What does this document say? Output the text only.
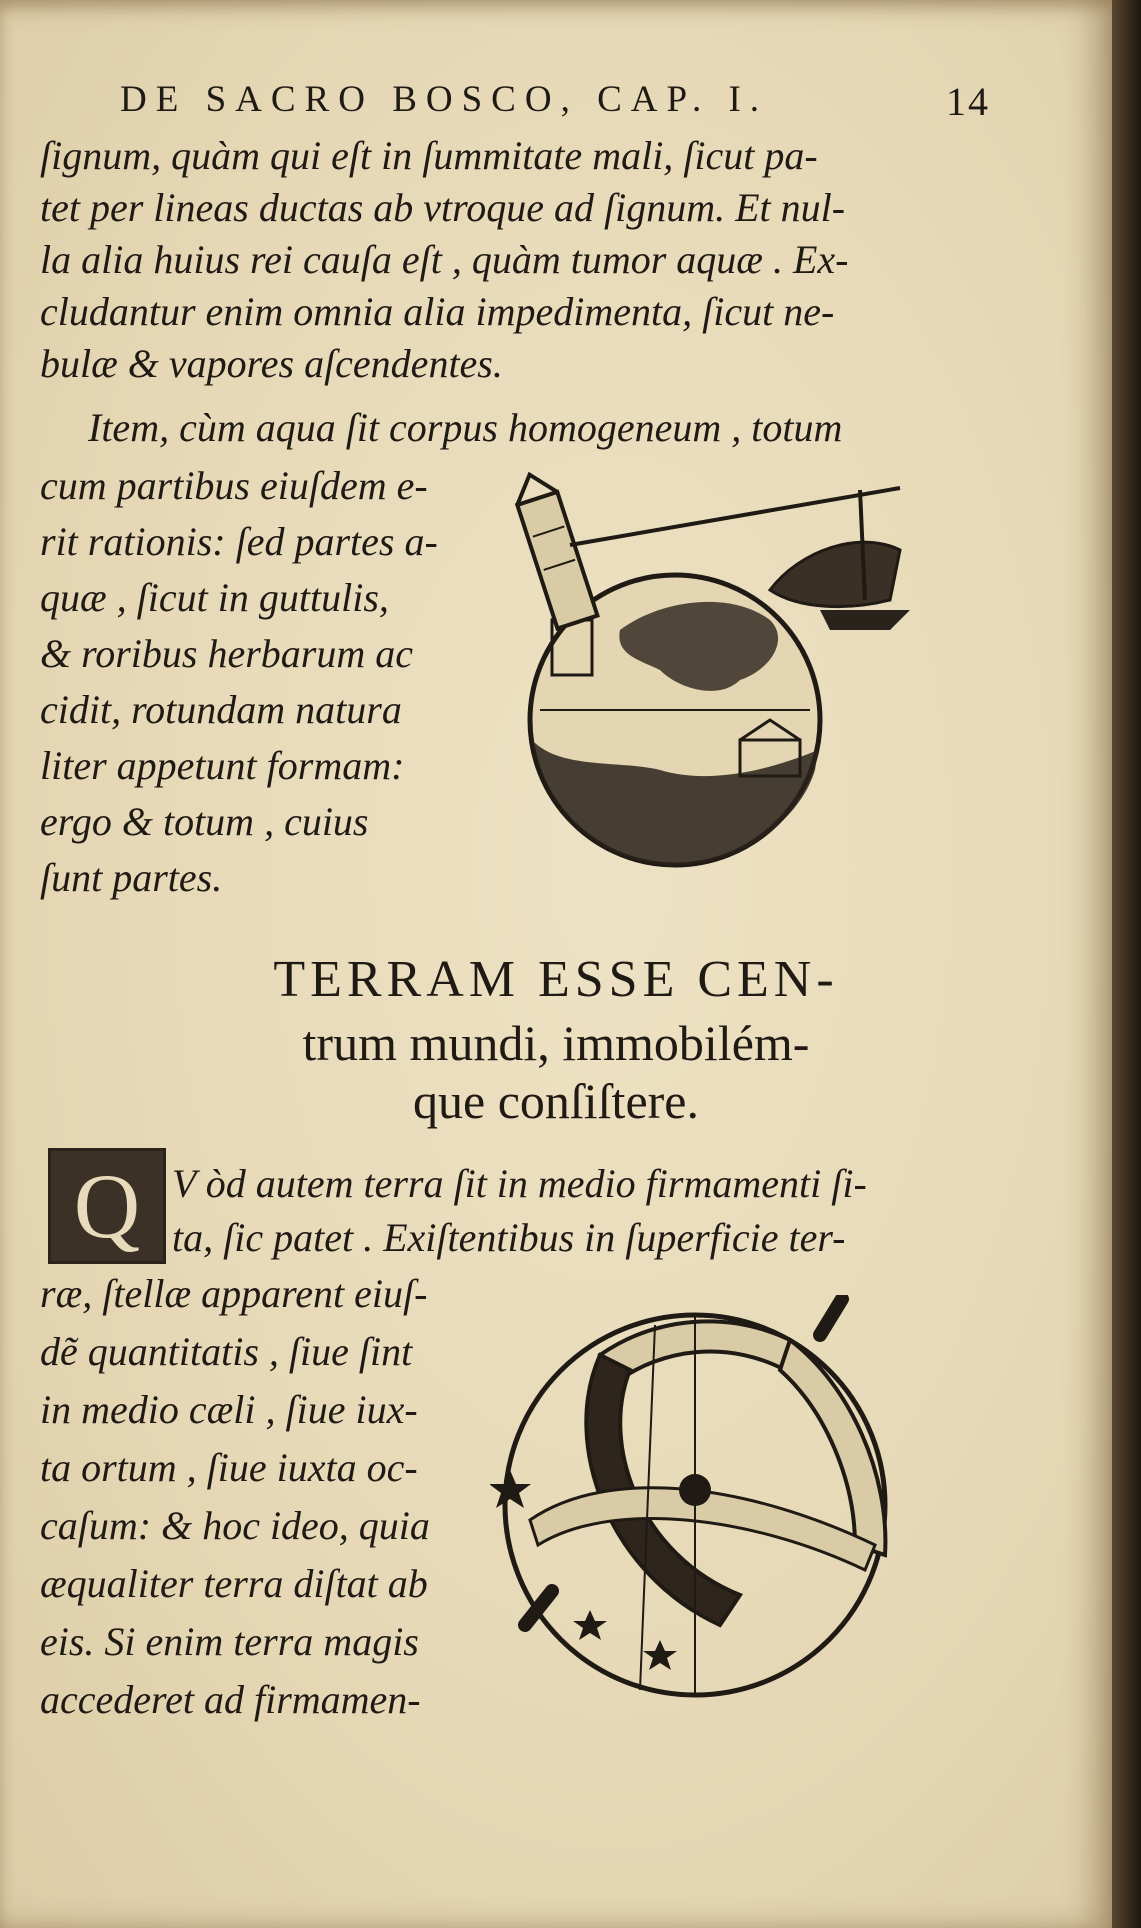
DE SACRO BOSCO, CAP. I.	14
ſignum, quàm qui eſt in ſummitate mali, ſicut pa-
tet per lineas ductas ab vtroque ad ſignum. Et nul-
la alia huius rei cauſa eſt , quàm tumor aquæ . Ex-
cludantur enim omnia alia impedimenta, ſicut ne-
bulæ & vapores aſcendentes.
Item, cùm aqua ſit corpus homogeneum , totum
cum partibus eiuſdem e-
rit rationis: ſed partes a-
quæ , ſicut in guttulis,
& roribus herbarum ac
cidit, rotundam natura
liter appetunt formam:
ergo & totum , cuius
ſunt partes.
TERRAM ESSE CEN-
trum mundi, immobilém-
que conſiſtere.
Q V òd autem terra ſit in medio firmamenti ſi-
ta, ſic patet . Exiſtentibus in ſuperficie ter-
ræ, ſtellæ apparent eiuſ-
dẽ quantitatis , ſiue ſint
in medio cæli , ſiue iux-
ta ortum , ſiue iuxta oc-
caſum: & hoc ideo, quia
æqualiter terra diſtat ab
eis. Si enim terra magis
accederet ad firmamen-
